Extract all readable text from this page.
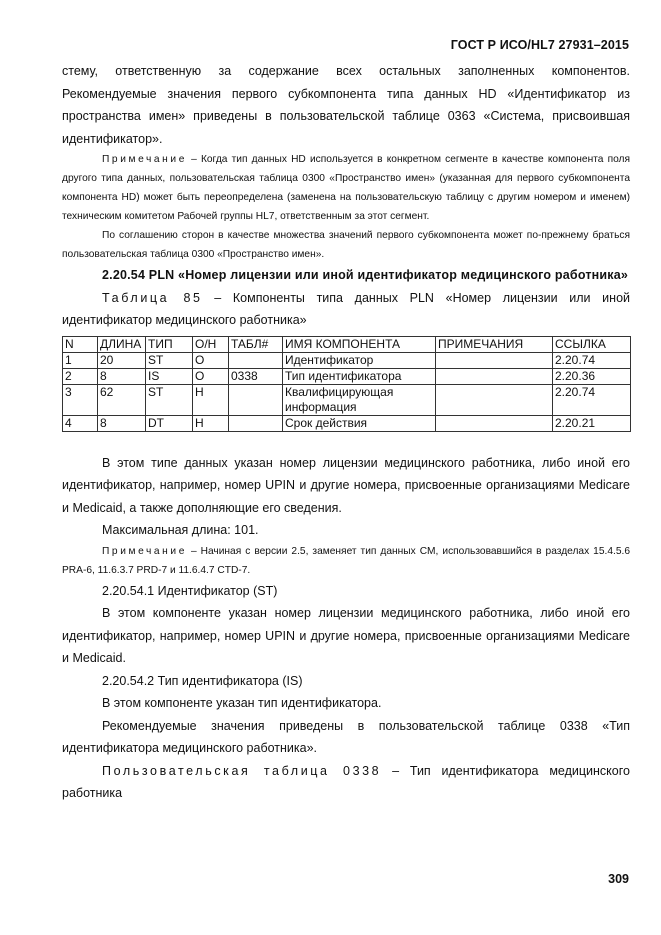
ГОСТ Р ИСО/HL7 27931–2015

стему, ответственную за содержание всех остальных заполненных компонентов. Рекомендуемые значения первого субкомпонента типа данных HD «Идентификатор из пространства имен» приведены в пользовательской таблице 0363 «Система, присвоившая идентификатор».

Примечание – Когда тип данных HD используется в конкретном сегменте в качестве компонента поля другого типа данных, пользовательская таблица 0300 «Пространство имен» (указанная для первого субкомпонента компонента HD) может быть переопределена (заменена на пользовательскую таблицу с другим номером и именем) техническим комитетом Рабочей группы HL7, ответственным за этот сегмент.

По соглашению сторон в качестве множества значений первого субкомпонента может по-прежнему браться пользовательская таблица 0300 «Пространство имен».

2.20.54 PLN «Номер лицензии или иной идентификатор медицинского работника»

Таблица 85 – Компоненты типа данных PLN «Номер лицензии или иной идентификатор медицинского работника»

N	ДЛИНА	ТИП	О/Н	ТАБЛ#	ИМЯ КОМПОНЕНТА	ПРИМЕЧАНИЯ	ССЫЛКА
1	20	ST	О		Идентификатор		2.20.74
2	8	IS	О	0338	Тип идентификатора		2.20.36
3	62	ST	Н		Квалифицирующая информация		2.20.74
4	8	DT	Н		Срок действия		2.20.21

В этом типе данных указан номер лицензии медицинского работника, либо иной его идентификатор, например, номер UPIN и другие номера, присвоенные организациями Medicare и Medicaid, а также дополняющие его сведения.

Максимальная длина: 101.

Примечание – Начиная с версии 2.5, заменяет тип данных CM, использовавшийся в разделах 15.4.5.6 PRA-6, 11.6.3.7 PRD-7 и 11.6.4.7 CTD-7.

2.20.54.1 Идентификатор (ST)

В этом компоненте указан номер лицензии медицинского работника, либо иной его идентификатор, например, номер UPIN и другие номера, присвоенные организациями Medicare и Medicaid.

2.20.54.2 Тип идентификатора (IS)

В этом компоненте указан тип идентификатора.

Рекомендуемые значения приведены в пользовательской таблице 0338 «Тип идентификатора медицинского работника».

Пользовательская таблица 0338 – Тип идентификатора медицинского работника

309
